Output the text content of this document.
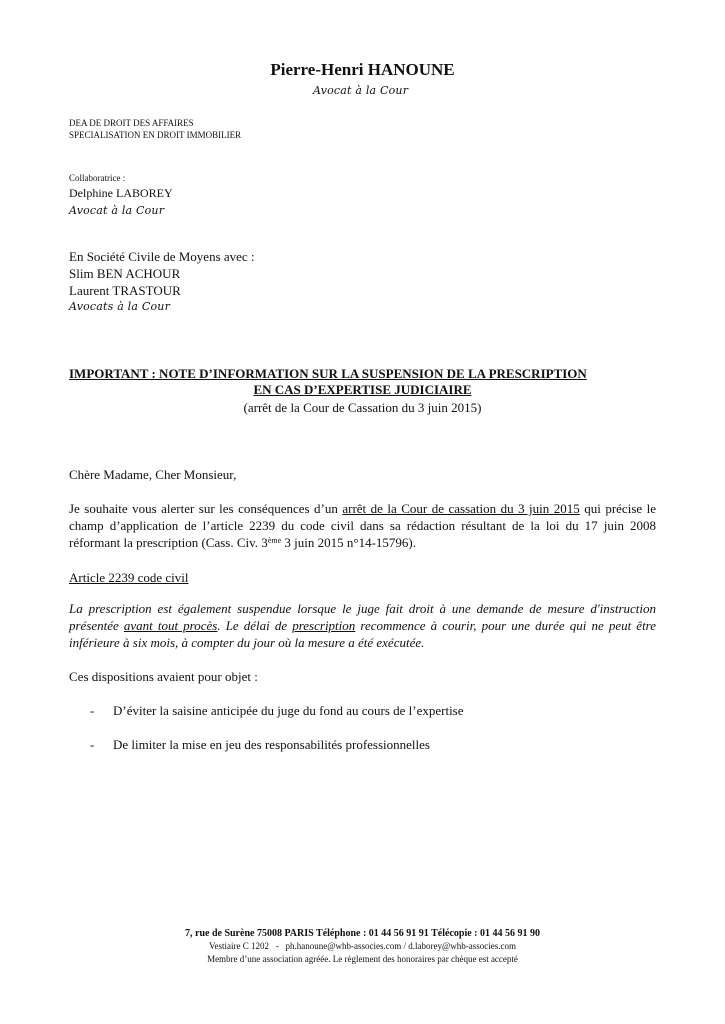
Pierre-Henri HANOUNE
Avocat à la Cour
DEA DE DROIT DES AFFAIRES
SPECIALISATION EN DROIT IMMOBILIER
Collaboratrice :
Delphine LABOREY
Avocat à la Cour
En Société Civile de Moyens avec :
Slim BEN ACHOUR
Laurent TRASTOUR
Avocats à la Cour
IMPORTANT : NOTE D’INFORMATION SUR LA SUSPENSION DE LA PRESCRIPTION
EN CAS D’EXPERTISE JUDICIAIRE
(arrêt de la Cour de Cassation du 3 juin 2015)
Chère Madame, Cher Monsieur,
Je souhaite vous alerter sur les conséquences d’un arrêt de la Cour de cassation du 3 juin 2015 qui précise le champ d’application de l’article 2239 du code civil dans sa rédaction résultant de la loi du 17 juin 2008 réformant la prescription (Cass. Civ. 3ème 3 juin 2015 n°14-15796).
Article 2239 code civil
La prescription est également suspendue lorsque le juge fait droit à une demande de mesure d'instruction présentée avant tout procès. Le délai de prescription recommence à courir, pour une durée qui ne peut être inférieure à six mois, à compter du jour où la mesure a été exécutée.
Ces dispositions avaient pour objet :
- D’éviter la saisine anticipée du juge du fond au cours de l’expertise
- De limiter la mise en jeu des responsabilités professionnelles
7, rue de Surène 75008 PARIS Téléphone : 01 44 56 91 91 Télécopie : 01 44 56 91 90
Vestiaire C 1202   -   ph.hanoune@whb-associes.com / d.laborey@whb-associes.com
Membre d’une association agréée. Le règlement des honoraires par chèque est accepté
